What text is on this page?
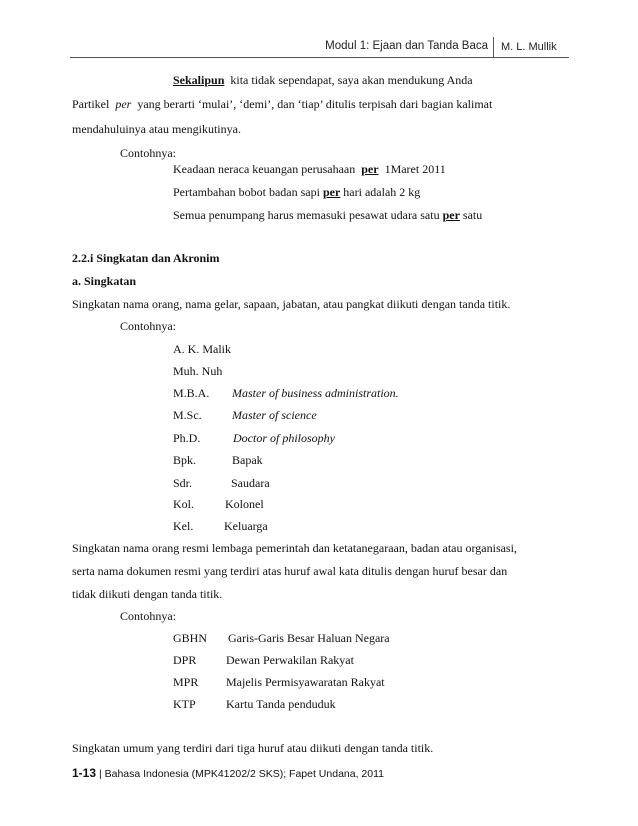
Modul 1: Ejaan dan Tanda Baca	M. L. Mullik
Sekalipun kita tidak sependapat, saya akan mendukung Anda
Partikel per yang berarti ‘mulai’, ‘demi’, dan ‘tiap’ ditulis terpisah dari bagian kalimat
mendahuluinya atau mengikutinya.
Contohnya:
Keadaan neraca keuangan perusahaan per 1Maret 2011
Pertambahan bobot badan sapi per hari adalah 2 kg
Semua penumpang harus memasuki pesawat udara satu per satu
2.2.i Singkatan dan Akronim
a. Singkatan
Singkatan nama orang, nama gelar, sapaan, jabatan, atau pangkat diikuti dengan tanda titik.
Contohnya:
A. K. Malik
Muh. Nuh
M.B.A. Master of business administration.
M.Sc.	Master of science
Ph.D.	Doctor of philosophy
Bpk.	Bapak
Sdr.	Saudara
Kol.	Kolonel
Kel.	Keluarga
Singkatan nama orang resmi lembaga pemerintah dan ketatanegaraan, badan atau organisasi,
serta nama dokumen resmi yang terdiri atas huruf awal kata ditulis dengan huruf besar dan
tidak diikuti dengan tanda titik.
Contohnya:
GBHN Garis-Garis Besar Haluan Negara
DPR Dewan Perwakilan Rakyat
MPR Majelis Permisyawaratan Rakyat
KTP	Kartu Tanda penduduk
Singkatan umum yang terdiri dari tiga huruf atau diikuti dengan tanda titik.
1-13 | Bahasa Indonesia (MPK41202/2 SKS); Fapet Undana, 2011
